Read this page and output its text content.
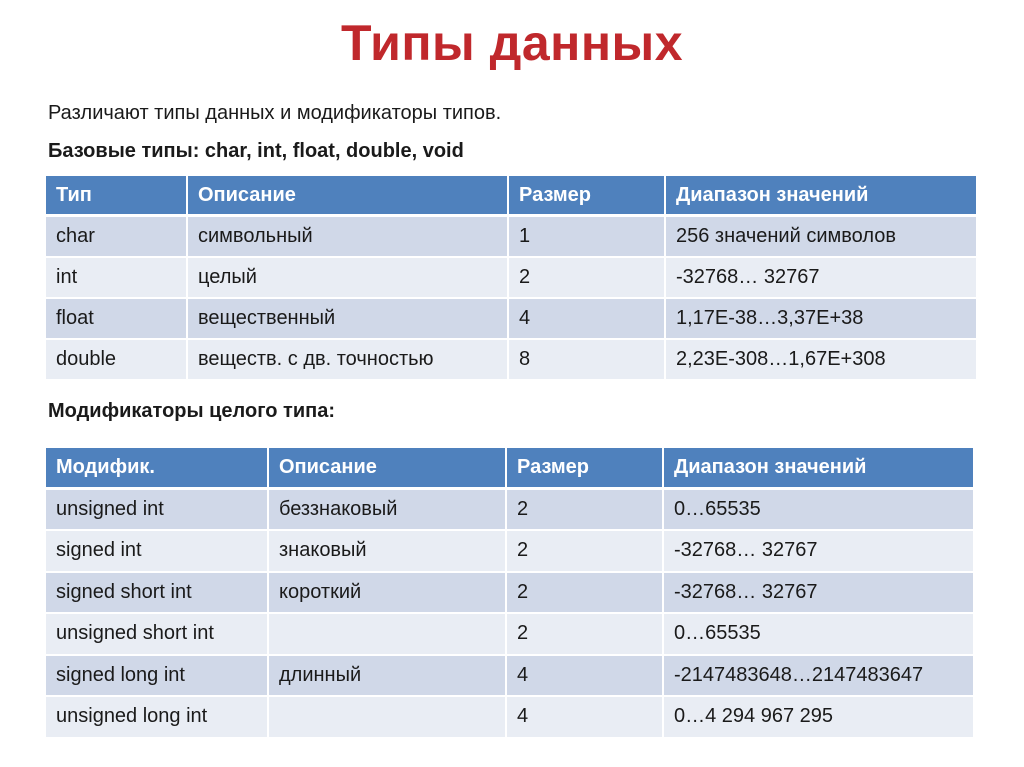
Типы данных
Различают типы данных и модификаторы типов.
Базовые типы: char, int, float, double, void
Тип	Описание	Размер	Диапазон значений
char	символьный	1	256 значений символов
int	целый	2	-32768… 32767
float	вещественный	4	1,17E-38…3,37E+38
double	веществ. с дв. точностью	8	2,23E-308…1,67E+308
Модификаторы целого типа:
Модифик.	Описание	Размер	Диапазон значений
unsigned int	беззнаковый	2	0…65535
signed int	знаковый	2	-32768… 32767
signed short int	короткий	2	-32768… 32767
unsigned short int		2	0…65535
signed long int	длинный	4	-2147483648…2147483647
unsigned long int		4	0…4 294 967 295
